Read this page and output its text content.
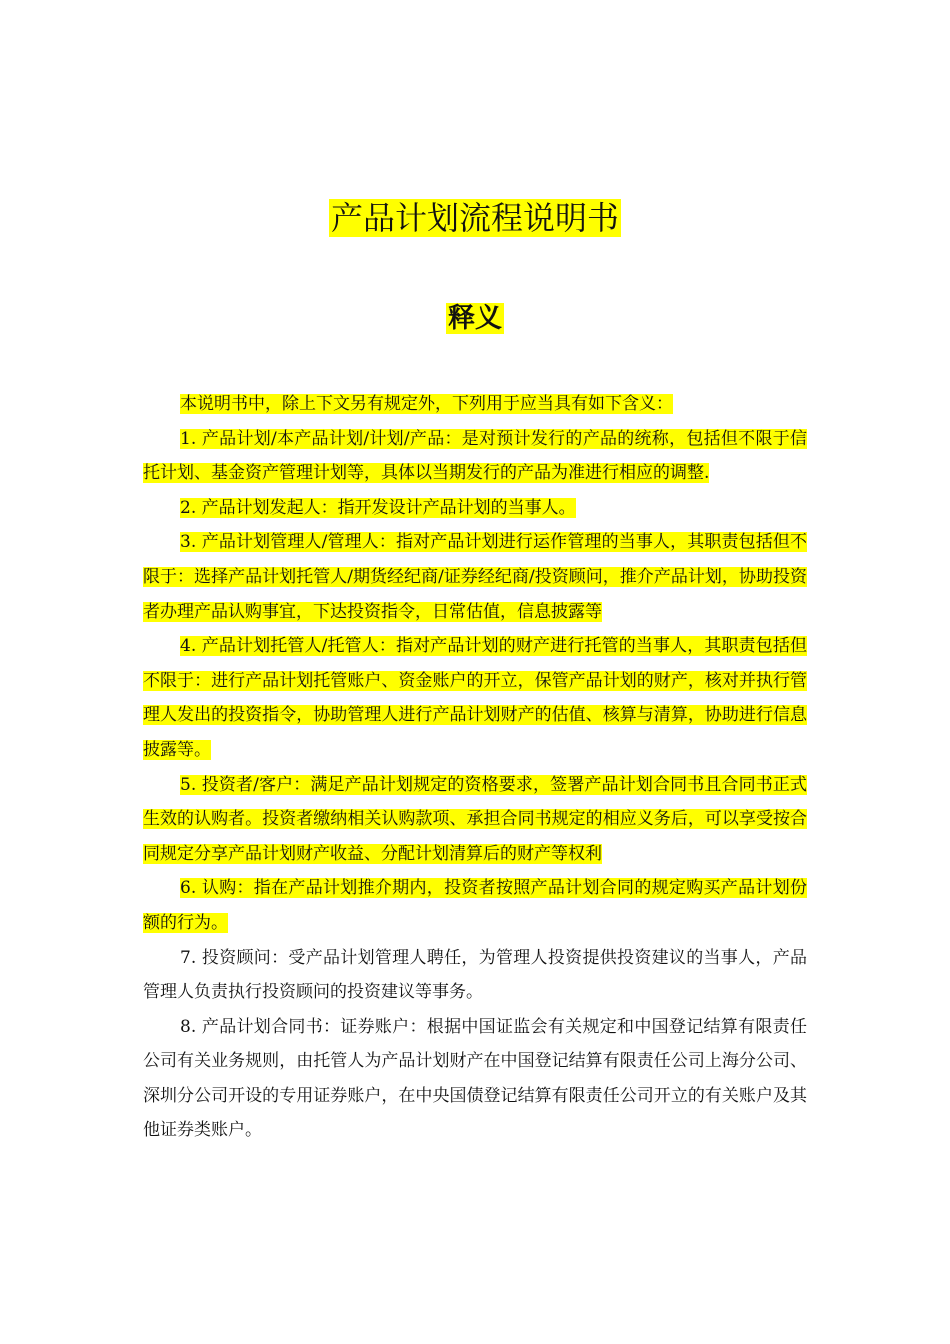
产品计划流程说明书
释义

本说明书中，除上下文另有规定外，下列用于应当具有如下含义：

1. 产品计划/本产品计划/计划/产品：是对预计发行的产品的统称，包括但不限于信托计划、基金资产管理计划等，具体以当期发行的产品为准进行相应的调整.

2. 产品计划发起人：指开发设计产品计划的当事人。

3. 产品计划管理人/管理人：指对产品计划进行运作管理的当事人，其职责包括但不限于：选择产品计划托管人/期货经纪商/证券经纪商/投资顾问，推介产品计划，协助投资者办理产品认购事宜，下达投资指令，日常估值，信息披露等

4. 产品计划托管人/托管人：指对产品计划的财产进行托管的当事人，其职责包括但不限于：进行产品计划托管账户、资金账户的开立，保管产品计划的财产，核对并执行管理人发出的投资指令，协助管理人进行产品计划财产的估值、核算与清算，协助进行信息披露等。

5. 投资者/客户：满足产品计划规定的资格要求，签署产品计划合同书且合同书正式生效的认购者。投资者缴纳相关认购款项、承担合同书规定的相应义务后，可以享受按合同规定分享产品计划财产收益、分配计划清算后的财产等权利

6. 认购：指在产品计划推介期内，投资者按照产品计划合同的规定购买产品计划份额的行为。

7. 投资顾问：受产品计划管理人聘任，为管理人投资提供投资建议的当事人，产品管理人负责执行投资顾问的投资建议等事务。

8. 产品计划合同书：证券账户：根据中国证监会有关规定和中国登记结算有限责任公司有关业务规则，由托管人为产品计划财产在中国登记结算有限责任公司上海分公司、深圳分公司开设的专用证券账户，在中央国债登记结算有限责任公司开立的有关账户及其他证券类账户。
